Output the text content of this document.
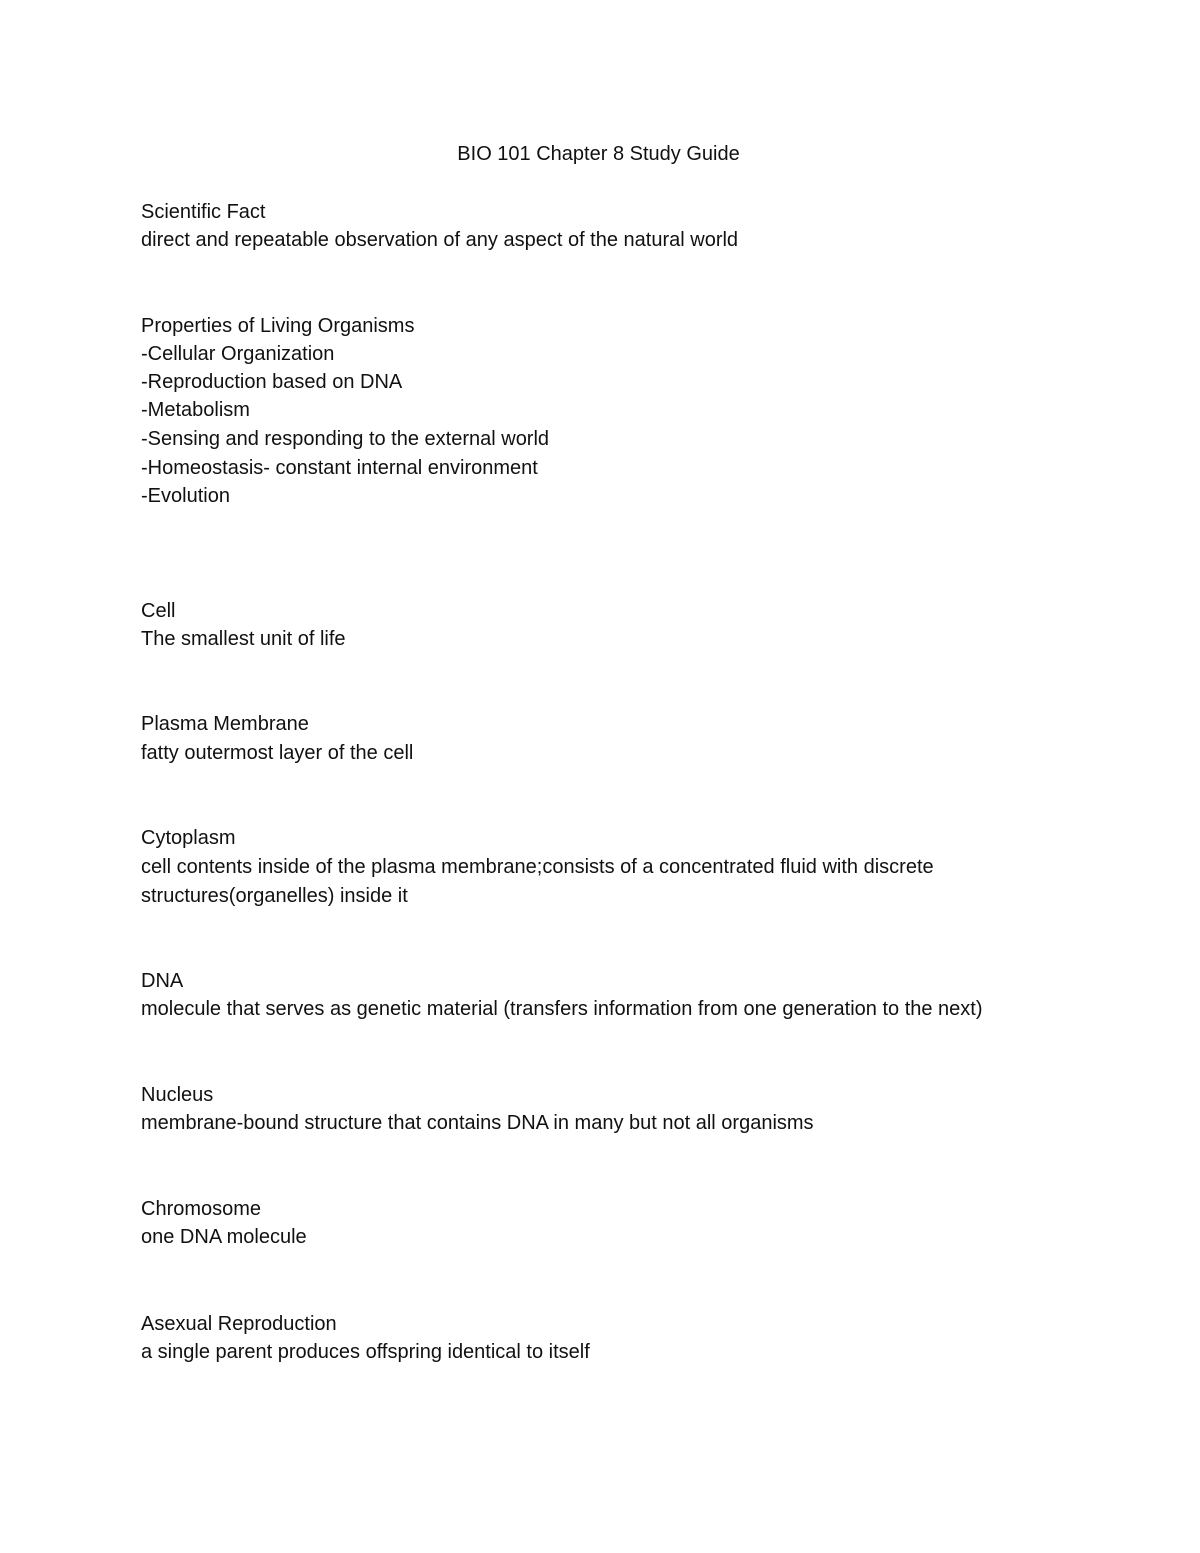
BIO 101 Chapter 8 Study Guide
Scientific Fact
direct and repeatable observation of any aspect of the natural world
Properties of Living Organisms
-Cellular Organization
-Reproduction based on DNA
-Metabolism
-Sensing and responding to the external world
-Homeostasis- constant internal environment
-Evolution
Cell
The smallest unit of life
Plasma Membrane
fatty outermost layer of the cell
Cytoplasm
cell contents inside of the plasma membrane;consists of a concentrated fluid with discrete
structures(organelles) inside it
DNA
molecule that serves as genetic material (transfers information from one generation to the next)
Nucleus
membrane-bound structure that contains DNA in many but not all organisms
Chromosome
one DNA molecule
Asexual Reproduction
a single parent produces offspring identical to itself
